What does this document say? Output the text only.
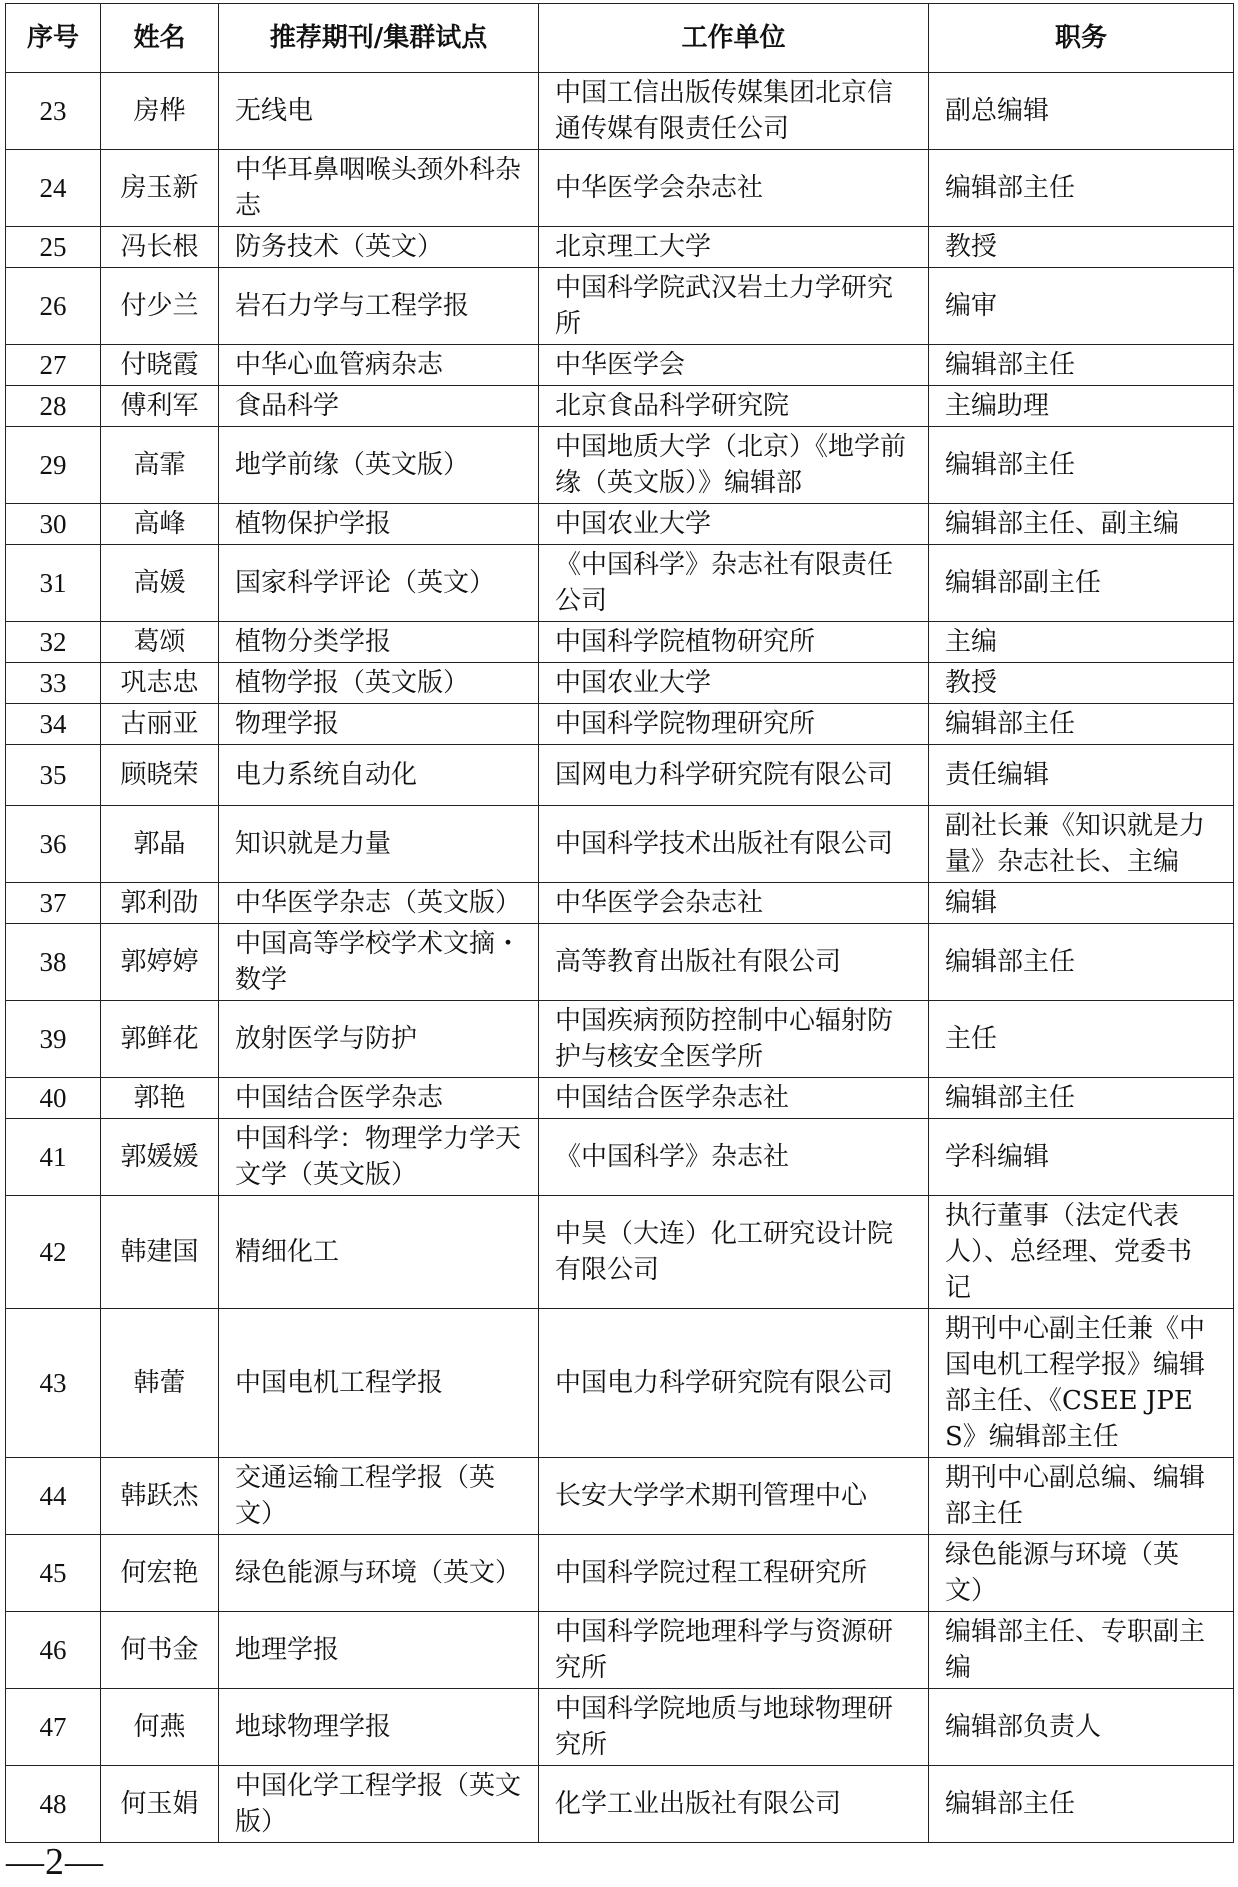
序号	姓名	推荐期刊/集群试点	工作单位	职务
23	房桦	无线电	中国工信出版传媒集团北京信通传媒有限责任公司	副总编辑
24	房玉新	中华耳鼻咽喉头颈外科杂志	中华医学会杂志社	编辑部主任
25	冯长根	防务技术（英文）	北京理工大学	教授
26	付少兰	岩石力学与工程学报	中国科学院武汉岩土力学研究所	编审
27	付晓霞	中华心血管病杂志	中华医学会	编辑部主任
28	傅利军	食品科学	北京食品科学研究院	主编助理
29	高霏	地学前缘（英文版）	中国地质大学（北京）《地学前缘（英文版）》编辑部	编辑部主任
30	高峰	植物保护学报	中国农业大学	编辑部主任、副主编
31	高媛	国家科学评论（英文）	《中国科学》杂志社有限责任公司	编辑部副主任
32	葛颂	植物分类学报	中国科学院植物研究所	主编
33	巩志忠	植物学报（英文版）	中国农业大学	教授
34	古丽亚	物理学报	中国科学院物理研究所	编辑部主任
35	顾晓荣	电力系统自动化	国网电力科学研究院有限公司	责任编辑
36	郭晶	知识就是力量	中国科学技术出版社有限公司	副社长兼《知识就是力量》杂志社长、主编
37	郭利劭	中华医学杂志（英文版）	中华医学会杂志社	编辑
38	郭婷婷	中国高等学校学术文摘・数学	高等教育出版社有限公司	编辑部主任
39	郭鲜花	放射医学与防护	中国疾病预防控制中心辐射防护与核安全医学所	主任
40	郭艳	中国结合医学杂志	中国结合医学杂志社	编辑部主任
41	郭媛媛	中国科学：物理学力学天文学（英文版）	《中国科学》杂志社	学科编辑
42	韩建国	精细化工	中昊（大连）化工研究设计院有限公司	执行董事（法定代表人）、总经理、党委书记
43	韩蕾	中国电机工程学报	中国电力科学研究院有限公司	期刊中心副主任兼《中国电机工程学报》编辑部主任、《CSEE JPES》编辑部主任
44	韩跃杰	交通运输工程学报（英文）	长安大学学术期刊管理中心	期刊中心副总编、编辑部主任
45	何宏艳	绿色能源与环境（英文）	中国科学院过程工程研究所	绿色能源与环境（英文）
46	何书金	地理学报	中国科学院地理科学与资源研究所	编辑部主任、专职副主编
47	何燕	地球物理学报	中国科学院地质与地球物理研究所	编辑部负责人
48	何玉娟	中国化学工程学报（英文版）	化学工业出版社有限公司	编辑部主任
—2—
